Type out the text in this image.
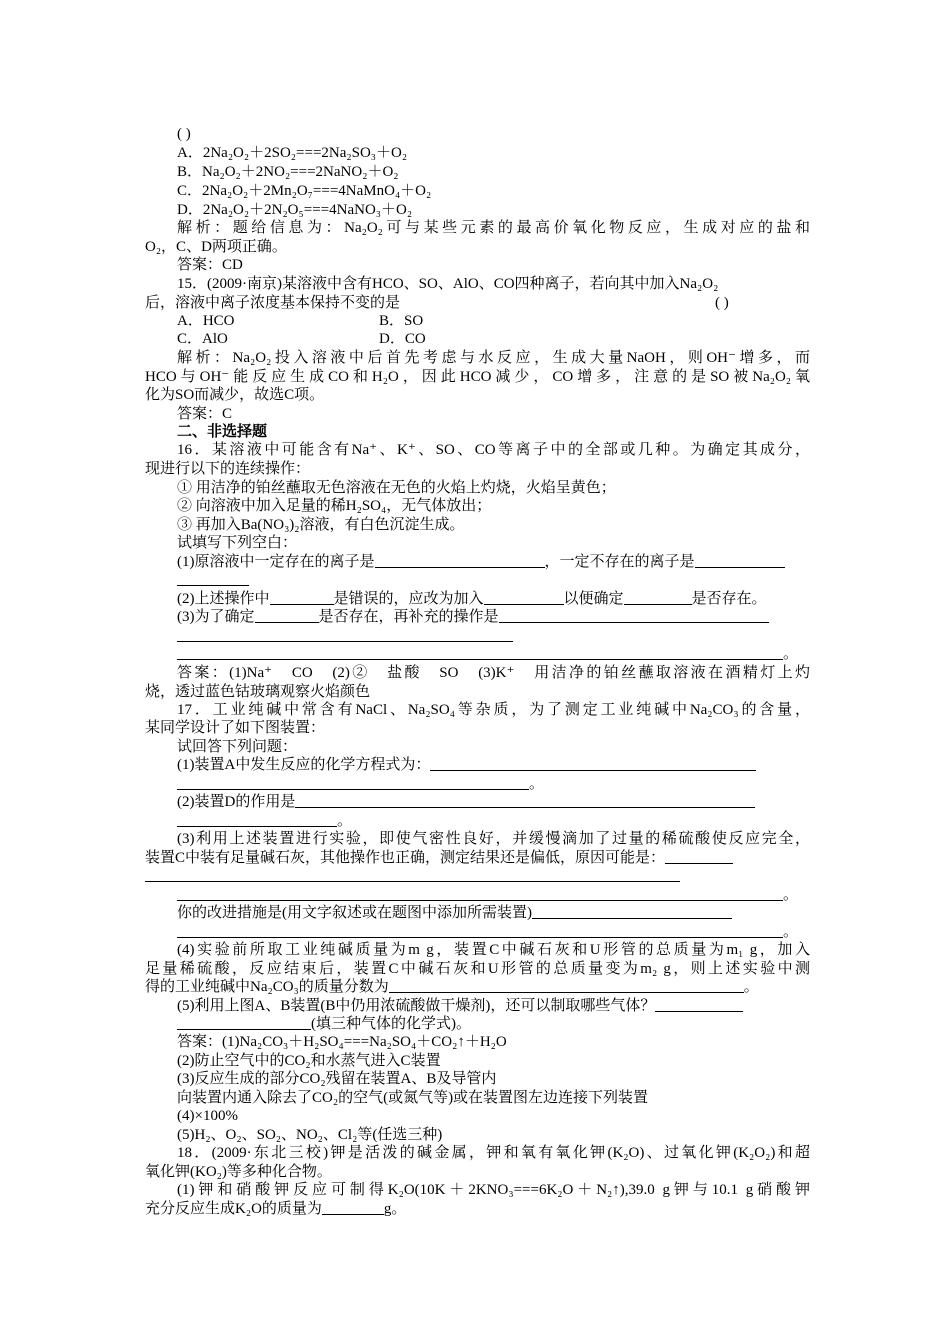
( )
A．2Na₂O₂＋2SO₂===2Na₂SO₃＋O₂
B．Na₂O₂＋2NO₂===2NaNO₂＋O₂
C．2Na₂O₂＋2Mn₂O₇===4NaMnO₄＋O₂
D．2Na₂O₂＋2N₂O₅===4NaNO₃＋O₂
解析：题给信息为：Na₂O₂可与某些元素的最高价氧化物反应，生成对应的盐和
O₂，C、D两项正确。
答案：CD
15．(2009·南京)某溶液中含有HCO、SO、AlO、CO四种离子，若向其中加入Na₂O₂
后，溶液中离子浓度基本保持不变的是	( )
A．HCO	B．SO
C．AlO	D．CO
解析：Na₂O₂投入溶液中后首先考虑与水反应，生成大量NaOH，则OH⁻增多，而
HCO与OH⁻能反应生成CO和H₂O，因此HCO减少，CO增多，注意的是SO被Na₂O₂氧
化为SO而减少，故选C项。
答案：C
二、非选择题
16．某溶液中可能含有Na⁺、K⁺、SO、CO等离子中的全部或几种。为确定其成分，
现进行以下的连续操作：
① 用洁净的铂丝蘸取无色溶液在无色的火焰上灼烧，火焰呈黄色；
② 向溶液中加入足量的稀H₂SO₄，无气体放出；
③ 再加入Ba(NO₃)₂溶液，有白色沉淀生成。
试填写下列空白：
(1)原溶液中一定存在的离子是	，一定不存在的离子是
(2)上述操作中	是错误的，应改为加入	以便确定	是否存在。
(3)为了确定	是否存在，再补充的操作是
。
答案：(1)Na⁺　CO　(2)②　盐酸　SO　(3)K⁺　用洁净的铂丝蘸取溶液在酒精灯上灼
烧，透过蓝色钴玻璃观察火焰颜色
17．工业纯碱中常含有NaCl、Na₂SO₄等杂质，为了测定工业纯碱中Na₂CO₃的含量，
某同学设计了如下图装置：
试回答下列问题：
(1)装置A中发生反应的化学方程式为：
。
(2)装置D的作用是
。
(3)利用上述装置进行实验，即使气密性良好，并缓慢滴加了过量的稀硫酸使反应完全，
装置C中装有足量碱石灰，其他操作也正确，测定结果还是偏低，原因可能是：
。
你的改进措施是(用文字叙述或在题图中添加所需装置)
。
(4)实验前所取工业纯碱质量为m g，装置C中碱石灰和U形管的总质量为m₁ g，加入
足量稀硫酸，反应结束后，装置C中碱石灰和U形管的总质量变为m₂ g，则上述实验中测
得的工业纯碱中Na₂CO₃的质量分数为	。
(5)利用上图A、B装置(B中仍用浓硫酸做干燥剂)，还可以制取哪些气体？
(填三种气体的化学式)。
答案：(1)Na₂CO₃＋H₂SO₄===Na₂SO₄＋CO₂↑＋H₂O
(2)防止空气中的CO₂和水蒸气进入C装置
(3)反应生成的部分CO₂残留在装置A、B及导管内
向装置内通入除去了CO₂的空气(或氮气等)或在装置图左边连接下列装置
(4)×100%
(5)H₂、O₂、SO₂、NO₂、Cl₂等(任选三种)
18．(2009·东北三校)钾是活泼的碱金属，钾和氧有氧化钾(K₂O)、过氧化钾(K₂O₂)和超
氧化钾(KO₂)等多种化合物。
(1)钾和硝酸钾反应可制得K₂O(10K＋2KNO₃===6K₂O＋N₂↑),39.0 g钾与10.1 g硝酸钾
充分反应生成K₂O的质量为	g。
